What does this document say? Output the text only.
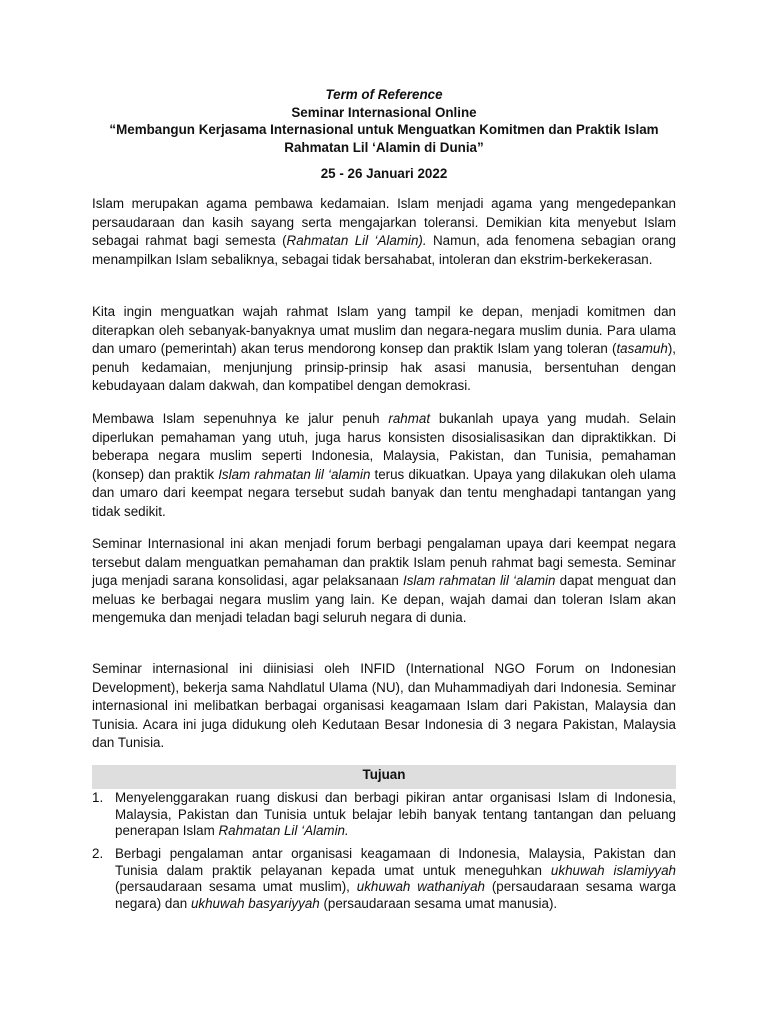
Term of Reference
Seminar Internasional Online
“Membangun Kerjasama Internasional untuk Menguatkan Komitmen dan Praktik Islam Rahmatan Lil ‘Alamin di Dunia”
25 - 26 Januari 2022

Islam merupakan agama pembawa kedamaian. Islam menjadi agama yang mengedepankan persaudaraan dan kasih sayang serta mengajarkan toleransi. Demikian kita menyebut Islam sebagai rahmat bagi semesta (Rahmatan Lil ‘Alamin). Namun, ada fenomena sebagian orang menampilkan Islam sebaliknya, sebagai tidak bersahabat, intoleran dan ekstrim-berkekerasan.

Kita ingin menguatkan wajah rahmat Islam yang tampil ke depan, menjadi komitmen dan diterapkan oleh sebanyak-banyaknya umat muslim dan negara-negara muslim dunia. Para ulama dan umaro (pemerintah) akan terus mendorong konsep dan praktik Islam yang toleran (tasamuh), penuh kedamaian, menjunjung prinsip-prinsip hak asasi manusia, bersentuhan dengan kebudayaan dalam dakwah, dan kompatibel dengan demokrasi.

Membawa Islam sepenuhnya ke jalur penuh rahmat bukanlah upaya yang mudah. Selain diperlukan pemahaman yang utuh, juga harus konsisten disosialisasikan dan dipraktikkan. Di beberapa negara muslim seperti Indonesia, Malaysia, Pakistan, dan Tunisia, pemahaman (konsep) dan praktik Islam rahmatan lil ‘alamin terus dikuatkan. Upaya yang dilakukan oleh ulama dan umaro dari keempat negara tersebut sudah banyak dan tentu menghadapi tantangan yang tidak sedikit.

Seminar Internasional ini akan menjadi forum berbagi pengalaman upaya dari keempat negara tersebut dalam menguatkan pemahaman dan praktik Islam penuh rahmat bagi semesta. Seminar juga menjadi sarana konsolidasi, agar pelaksanaan Islam rahmatan lil ‘alamin dapat menguat dan meluas ke berbagai negara muslim yang lain. Ke depan, wajah damai dan toleran Islam akan mengemuka dan menjadi teladan bagi seluruh negara di dunia.

Seminar internasional ini diinisiasi oleh INFID (International NGO Forum on Indonesian Development), bekerja sama Nahdlatul Ulama (NU), dan Muhammadiyah dari Indonesia. Seminar internasional ini melibatkan berbagai organisasi keagamaan Islam dari Pakistan, Malaysia dan Tunisia. Acara ini juga didukung oleh Kedutaan Besar Indonesia di 3 negara Pakistan, Malaysia dan Tunisia.

Tujuan
1. Menyelenggarakan ruang diskusi dan berbagi pikiran antar organisasi Islam di Indonesia, Malaysia, Pakistan dan Tunisia untuk belajar lebih banyak tentang tantangan dan peluang penerapan Islam Rahmatan Lil ‘Alamin.
2. Berbagi pengalaman antar organisasi keagamaan di Indonesia, Malaysia, Pakistan dan Tunisia dalam praktik pelayanan kepada umat untuk meneguhkan ukhuwah islamiyyah (persaudaraan sesama umat muslim), ukhuwah wathaniyah (persaudaraan sesama warga negara) dan ukhuwah basyariyyah (persaudaraan sesama umat manusia).
